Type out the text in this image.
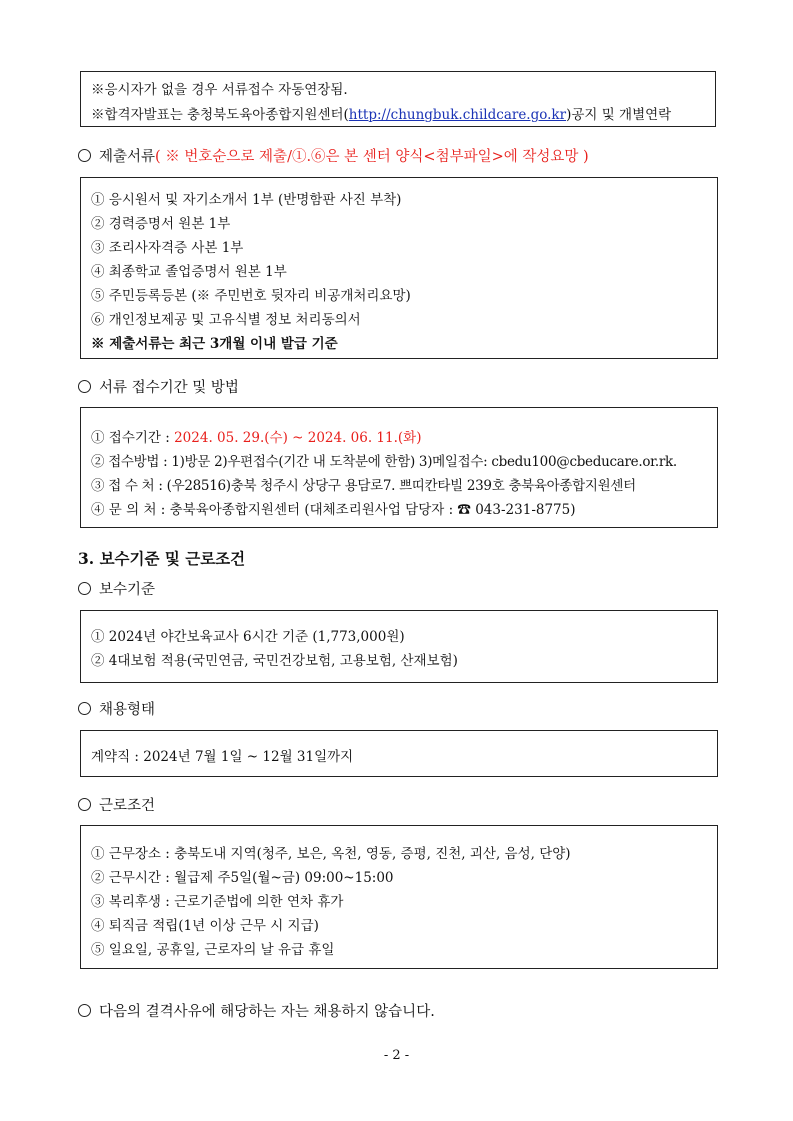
※응시자가 없을 경우 서류접수 자동연장됨.
※합격자발표는 충청북도육아종합지원센터(http://chungbuk.childcare.go.kr)공지 및 개별연락
제출서류( ※ 번호순으로 제출/①.⑥은 본 센터 양식<첨부파일>에 작성요망 )
① 응시원서 및 자기소개서 1부 (반명함판 사진 부착)
② 경력증명서 원본 1부
③ 조리사자격증 사본 1부
④ 최종학교 졸업증명서 원본 1부
⑤ 주민등록등본 (※ 주민번호 뒷자리 비공개처리요망)
⑥ 개인정보제공 및 고유식별 정보 처리동의서
※ 제출서류는 최근 3개월 이내 발급 기준
서류 접수기간 및 방법
① 접수기간 : 2024. 05. 29.(수) ~ 2024. 06. 11.(화)
② 접수방법 : 1)방문 2)우편접수(기간 내 도착분에 한함) 3)메일접수: cbedu100@cbeducare.or.rk.
③ 접 수 처 : (우28516)충북 청주시 상당구 용담로7. 쁘띠칸타빌 239호 충북육아종합지원센터
④ 문 의 처 : 충북육아종합지원센터 (대체조리원사업 담당자 : ☎ 043-231-8775)
3. 보수기준 및 근로조건
보수기준
① 2024년 야간보육교사 6시간 기준 (1,773,000원)
② 4대보험 적용(국민연금, 국민건강보험, 고용보험, 산재보험)
채용형태
계약직 : 2024년 7월 1일 ~ 12월 31일까지
근로조건
① 근무장소 : 충북도내 지역(청주, 보은, 옥천, 영동, 증평, 진천, 괴산, 음성, 단양)
② 근무시간 : 월급제 주5일(월~금) 09:00~15:00
③ 복리후생 : 근로기준법에 의한 연차 휴가
④ 퇴직금 적립(1년 이상 근무 시 지급)
⑤ 일요일, 공휴일, 근로자의 날 유급 휴일
다음의 결격사유에 해당하는 자는 채용하지 않습니다.
- 2 -
